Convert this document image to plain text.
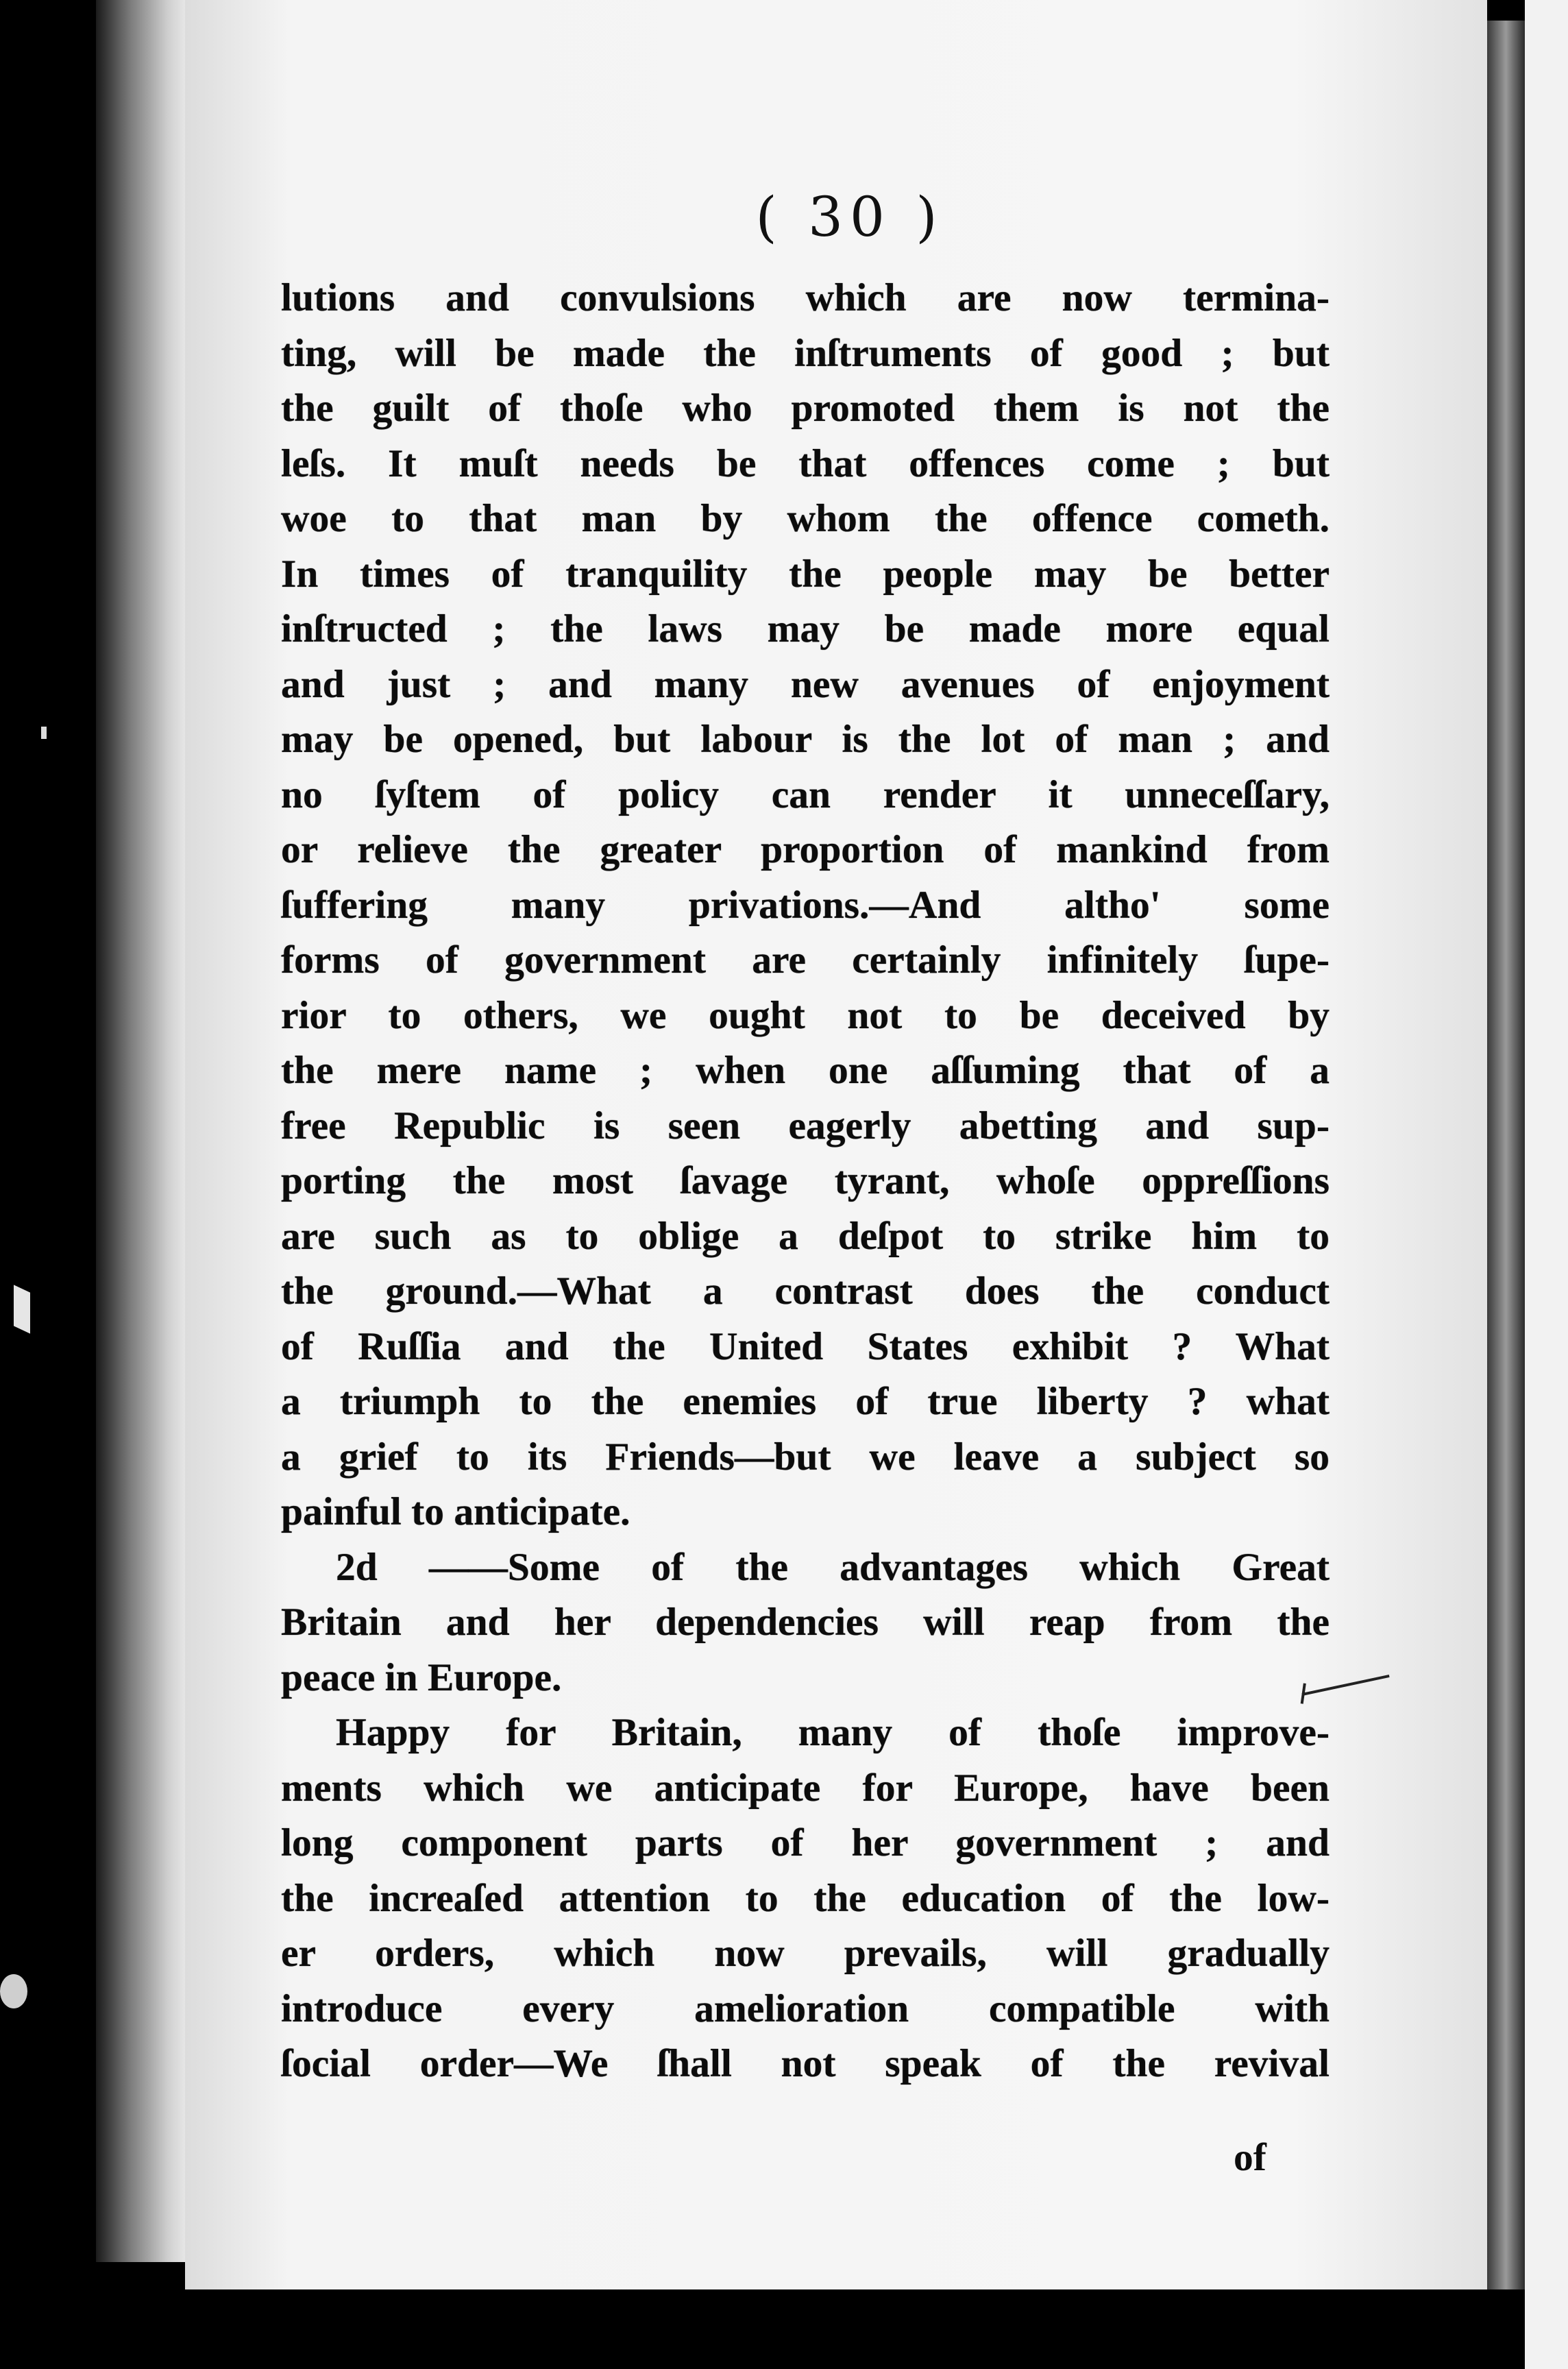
( 30 )
lutions and convulsions which are now termina-
ting, will be made the inſtruments of good ; but
the guilt of thoſe who promoted them is not the
leſs. It muſt needs be that offences come ; but
woe to that man by whom the offence cometh.
In times of tranquility the people may be better
inſtructed ; the laws may be made more equal
and just ; and many new avenues of enjoyment
may be opened, but labour is the lot of man ; and
no ſyſtem of policy can render it unneceſſary,
or relieve the greater proportion of mankind from
ſuffering many privations.—And altho' some
forms of government are certainly infinitely ſupe-
rior to others, we ought not to be deceived by
the mere name ; when one aſſuming that of a
free Republic is seen eagerly abetting and sup-
porting the most ſavage tyrant, whoſe oppreſſions
are such as to oblige a deſpot to strike him to
the ground.—What a contrast does the conduct
of Ruſſia and the United States exhibit ? What
a triumph to the enemies of true liberty ? what
a grief to its Friends—but we leave a subject so
painful to anticipate.
2d ——Some of the advantages which Great
Britain and her dependencies will reap from the
peace in Europe.
Happy for Britain, many of thoſe improve-
ments which we anticipate for Europe, have been
long component parts of her government ; and
the increaſed attention to the education of the low-
er orders, which now prevails, will gradually
introduce every amelioration compatible with
ſocial order—We ſhall not speak of the revival
of
